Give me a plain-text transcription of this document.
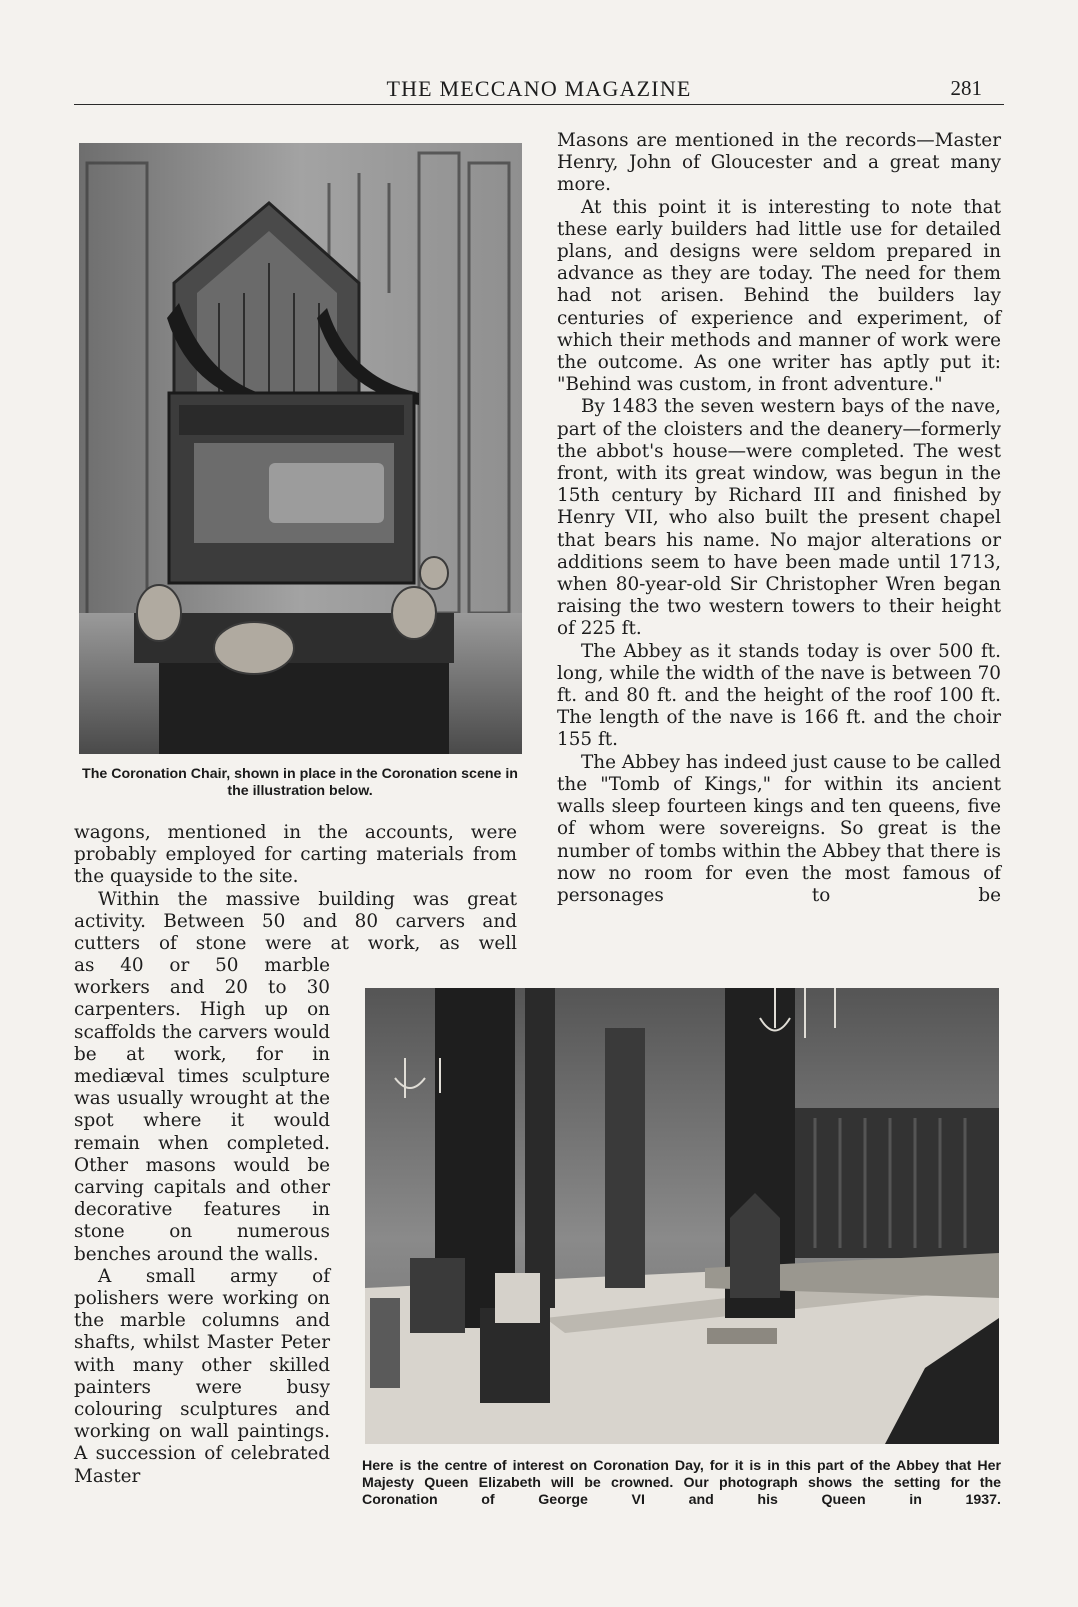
THE MECCANO MAGAZINE	281
The Coronation Chair, shown in place in the Coronation scene in the illustration below.

Masons are mentioned in the records—Master Henry, John of Gloucester and a great many more.

At this point it is interesting to note that these early builders had little use for detailed plans, and designs were seldom prepared in advance as they are today. The need for them had not arisen. Behind the builders lay centuries of experience and experiment, of which their methods and manner of work were the outcome. As one writer has aptly put it: "Behind was custom, in front adventure."

By 1483 the seven western bays of the nave, part of the cloisters and the deanery—formerly the abbot's house—were completed. The west front, with its great window, was begun in the 15th century by Richard III and finished by Henry VII, who also built the present chapel that bears his name. No major alterations or additions seem to have been made until 1713, when 80-year-old Sir Christopher Wren began raising the two western towers to their height of 225 ft.

The Abbey as it stands today is over 500 ft. long, while the width of the nave is between 70 ft. and 80 ft. and the height of the roof 100 ft. The length of the nave is 166 ft. and the choir 155 ft.

The Abbey has indeed just cause to be called the "Tomb of Kings," for within its ancient walls sleep fourteen kings and ten queens, five of whom were sovereigns. So great is the number of tombs within the Abbey that there is now no room for even the most famous of personages to be

wagons, mentioned in the accounts, were probably employed for carting materials from the quayside to the site.

Within the massive building was great activity. Between 50 and 80 carvers and cutters of stone were at work, as well

as 40 or 50 marble workers and 20 to 30 carpenters. High up on scaffolds the carvers would be at work, for in mediæval times sculpture was usually wrought at the spot where it would remain when completed. Other masons would be carving capitals and other decorative features in stone on numerous benches around the walls.

A small army of polishers were working on the marble columns and shafts, whilst Master Peter with many other skilled painters were busy colouring sculptures and working on wall paintings. A succession of celebrated Master	Here is the centre of interest on Coronation Day, for it is in this part of the Abbey that Her Majesty Queen Elizabeth will be crowned. Our photograph shows the setting for the Coronation of George VI and his Queen in 1937.
